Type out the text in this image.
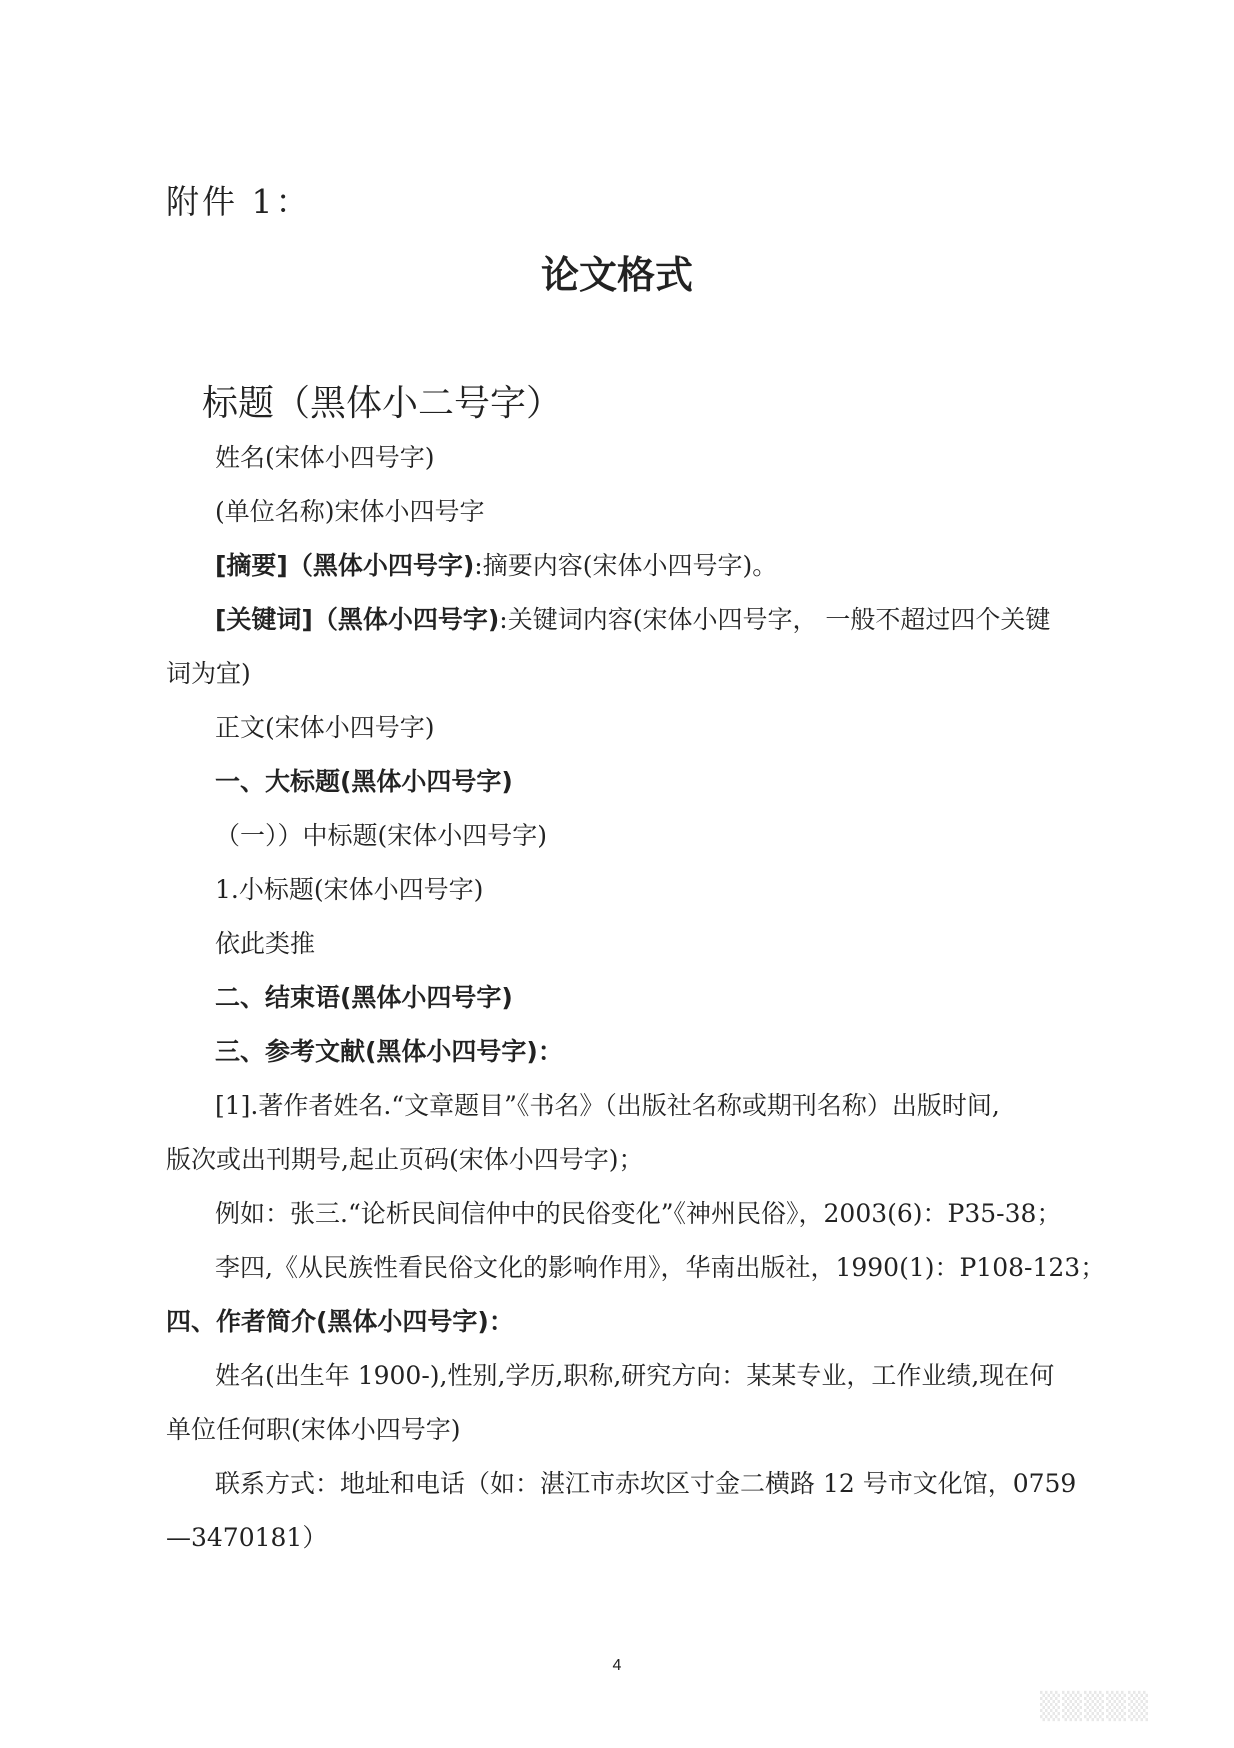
附件 1：
论文格式
标题（黑体小二号字）
姓名(宋体小四号字)
(单位名称)宋体小四号字
[摘要]（黑体小四号字):摘要内容(宋体小四号字)。
[关键词]（黑体小四号字):关键词内容(宋体小四号字， 一般不超过四个关键
词为宜)
正文(宋体小四号字)
一、大标题(黑体小四号字)
（一））中标题(宋体小四号字)
1.小标题(宋体小四号字)
依此类推
二、结束语(黑体小四号字)
三、参考文献(黑体小四号字)：
[1].著作者姓名.“文章题目”《书名》（出版社名称或期刊名称）出版时间,
版次或出刊期号,起止页码(宋体小四号字)；
例如：张三.“论析民间信仲中的民俗变化”《神州民俗》，2003(6)：P35-38；
李四,《从民族性看民俗文化的影响作用》，华南出版社，1990(1)：P108-123；
四、作者简介(黑体小四号字)：
姓名(出生年 1900-),性别,学历,职称,研究方向：某某专业，工作业绩,现在何
单位任何职(宋体小四号字)
联系方式：地址和电话（如：湛江市赤坎区寸金二横路 12 号市文化馆，0759
—3470181）
4
▒▒▒▒▒
